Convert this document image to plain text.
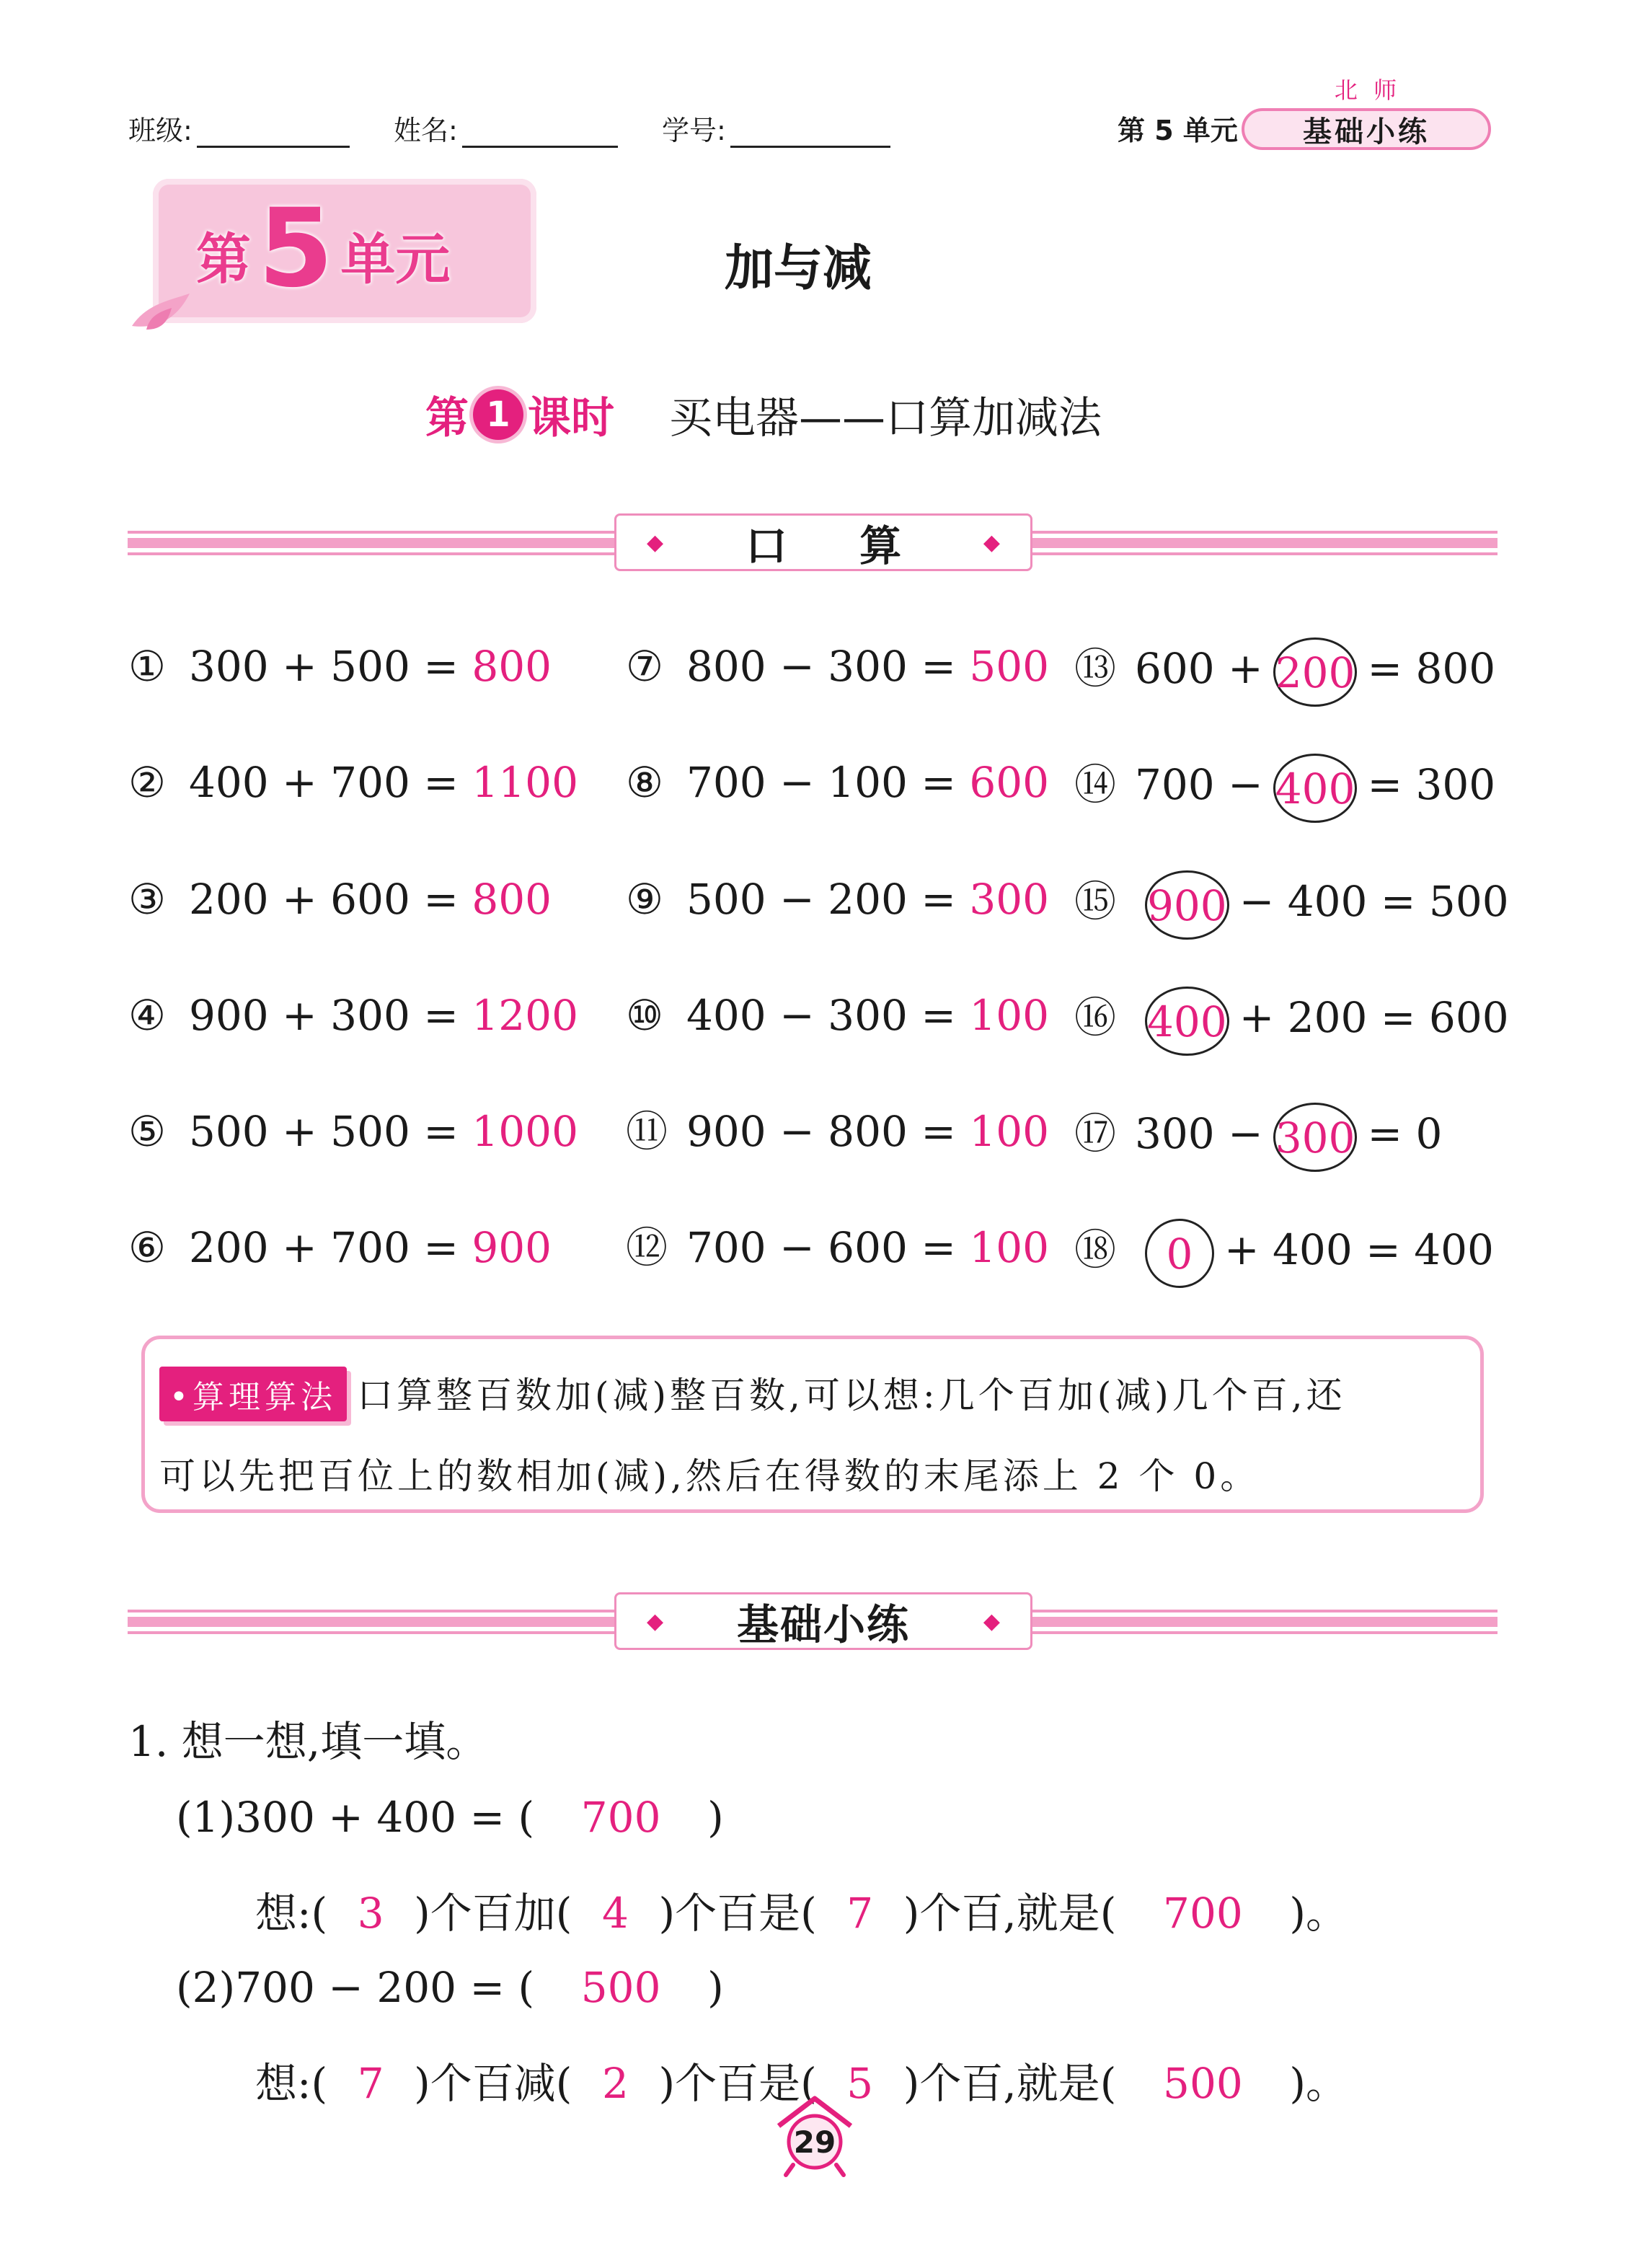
班级:	姓名:	学号:	第 5 单元
北 师
基础小练
第 5 单元	加与减
第 1 课时 买电器——口算加减法
◆ 口 算 ◆
① 300 + 500 = 800
② 400 + 700 = 1100
③ 200 + 600 = 800
④ 900 + 300 = 1200
⑤ 500 + 500 = 1000
⑥ 200 + 700 = 900
⑦ 800 − 300 = 500
⑧ 700 − 100 = 600
⑨ 500 − 200 = 300
⑩ 400 − 300 = 100
⑪ 900 − 800 = 100
⑫ 700 − 600 = 100
⑬ 600 + 200 = 800
⑭ 700 − 400 = 300
⑮ 900 − 400 = 500
⑯ 400 + 200 = 600
⑰ 300 − 300 = 0
⑱ 0 + 400 = 400
•算理算法 口算整百数加(减)整百数,可以想:几个百加(减)几个百,还
可以先把百位上的数相加(减),然后在得数的末尾添上 2 个 0。
◆ 基础小练	◆
1. 想一想,填一填。
(1)300 + 400 = ( 700 )
想:( 3 )个百加( 4 )个百是( 7 )个百,就是( 700 )。
(2)700 − 200 = ( 500 )
想:( 7 )个百减( 2 )个百是( 5 )个百,就是( 500 )。
29
